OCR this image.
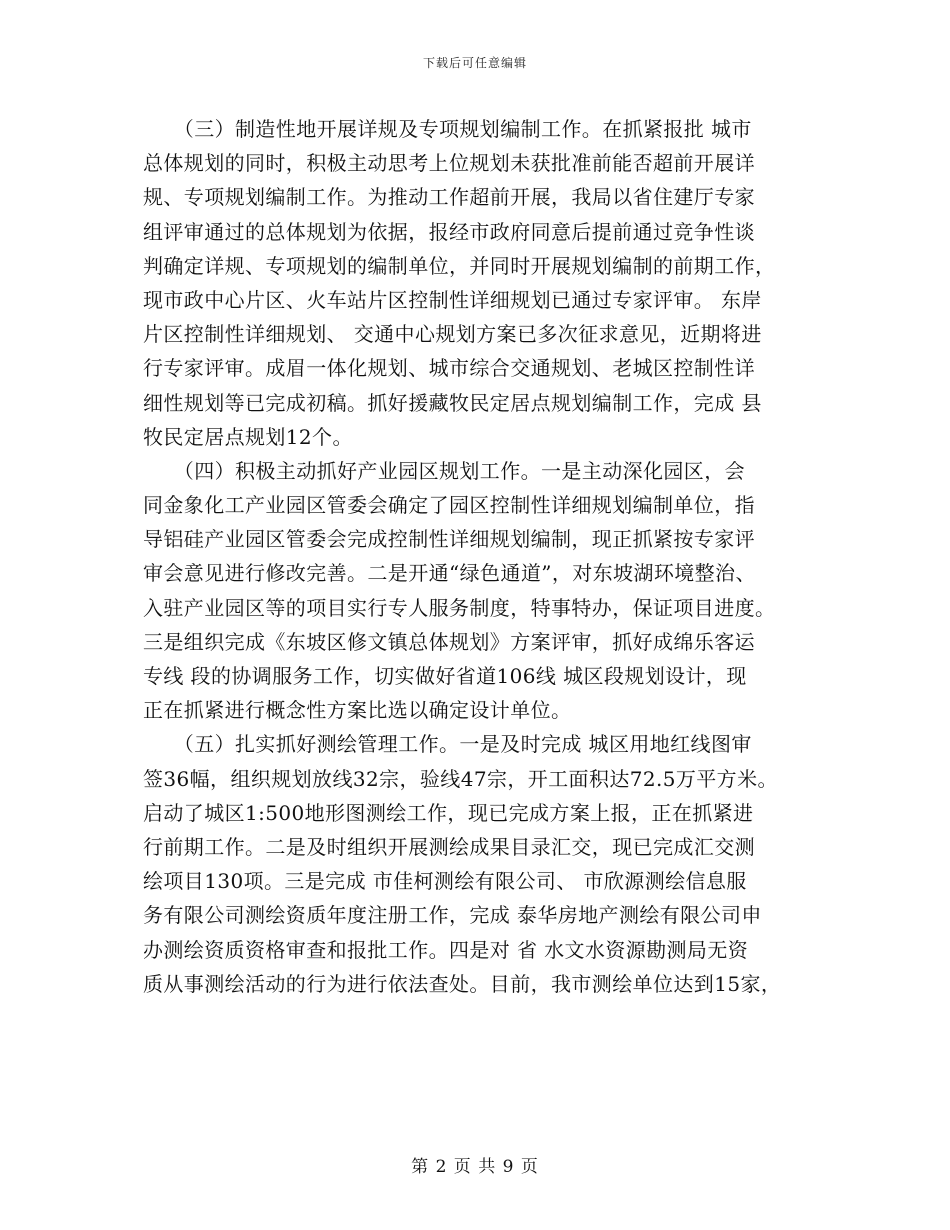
下载后可任意编辑
　　（三）制造性地开展详规及专项规划编制工作。在抓紧报批 城市
总体规划的同时，积极主动思考上位规划未获批准前能否超前开展详
规、专项规划编制工作。为推动工作超前开展，我局以省住建厅专家
组评审通过的总体规划为依据，报经市政府同意后提前通过竞争性谈
判确定详规、专项规划的编制单位，并同时开展规划编制的前期工作，
现市政中心片区、火车站片区控制性详细规划已通过专家评审。 东岸
片区控制性详细规划、 交通中心规划方案已多次征求意见，近期将进
行专家评审。成眉一体化规划、城市综合交通规划、老城区控制性详
细性规划等已完成初稿。抓好援藏牧民定居点规划编制工作，完成 县
牧民定居点规划12个。
　　（四）积极主动抓好产业园区规划工作。一是主动深化园区，会
同金象化工产业园区管委会确定了园区控制性详细规划编制单位，指
导铝硅产业园区管委会完成控制性详细规划编制，现正抓紧按专家评
审会意见进行修改完善。二是开通“绿色通道”，对东坡湖环境整治、
入驻产业园区等的项目实行专人服务制度，特事特办，保证项目进度。
三是组织完成《东坡区修文镇总体规划》方案评审，抓好成绵乐客运
专线 段的协调服务工作，切实做好省道106线 城区段规划设计，现
正在抓紧进行概念性方案比选以确定设计单位。
　　（五）扎实抓好测绘管理工作。一是及时完成 城区用地红线图审
签36幅，组织规划放线32宗，验线47宗，开工面积达72.5万平方米。
启动了城区1:500地形图测绘工作，现已完成方案上报，正在抓紧进
行前期工作。二是及时组织开展测绘成果目录汇交，现已完成汇交测
绘项目130项。三是完成 市佳柯测绘有限公司、 市欣源测绘信息服
务有限公司测绘资质年度注册工作，完成 泰华房地产测绘有限公司申
办测绘资质资格审查和报批工作。四是对 省 水文水资源勘测局无资
质从事测绘活动的行为进行依法查处。目前，我市测绘单位达到15家，
第 2 页 共 9 页
